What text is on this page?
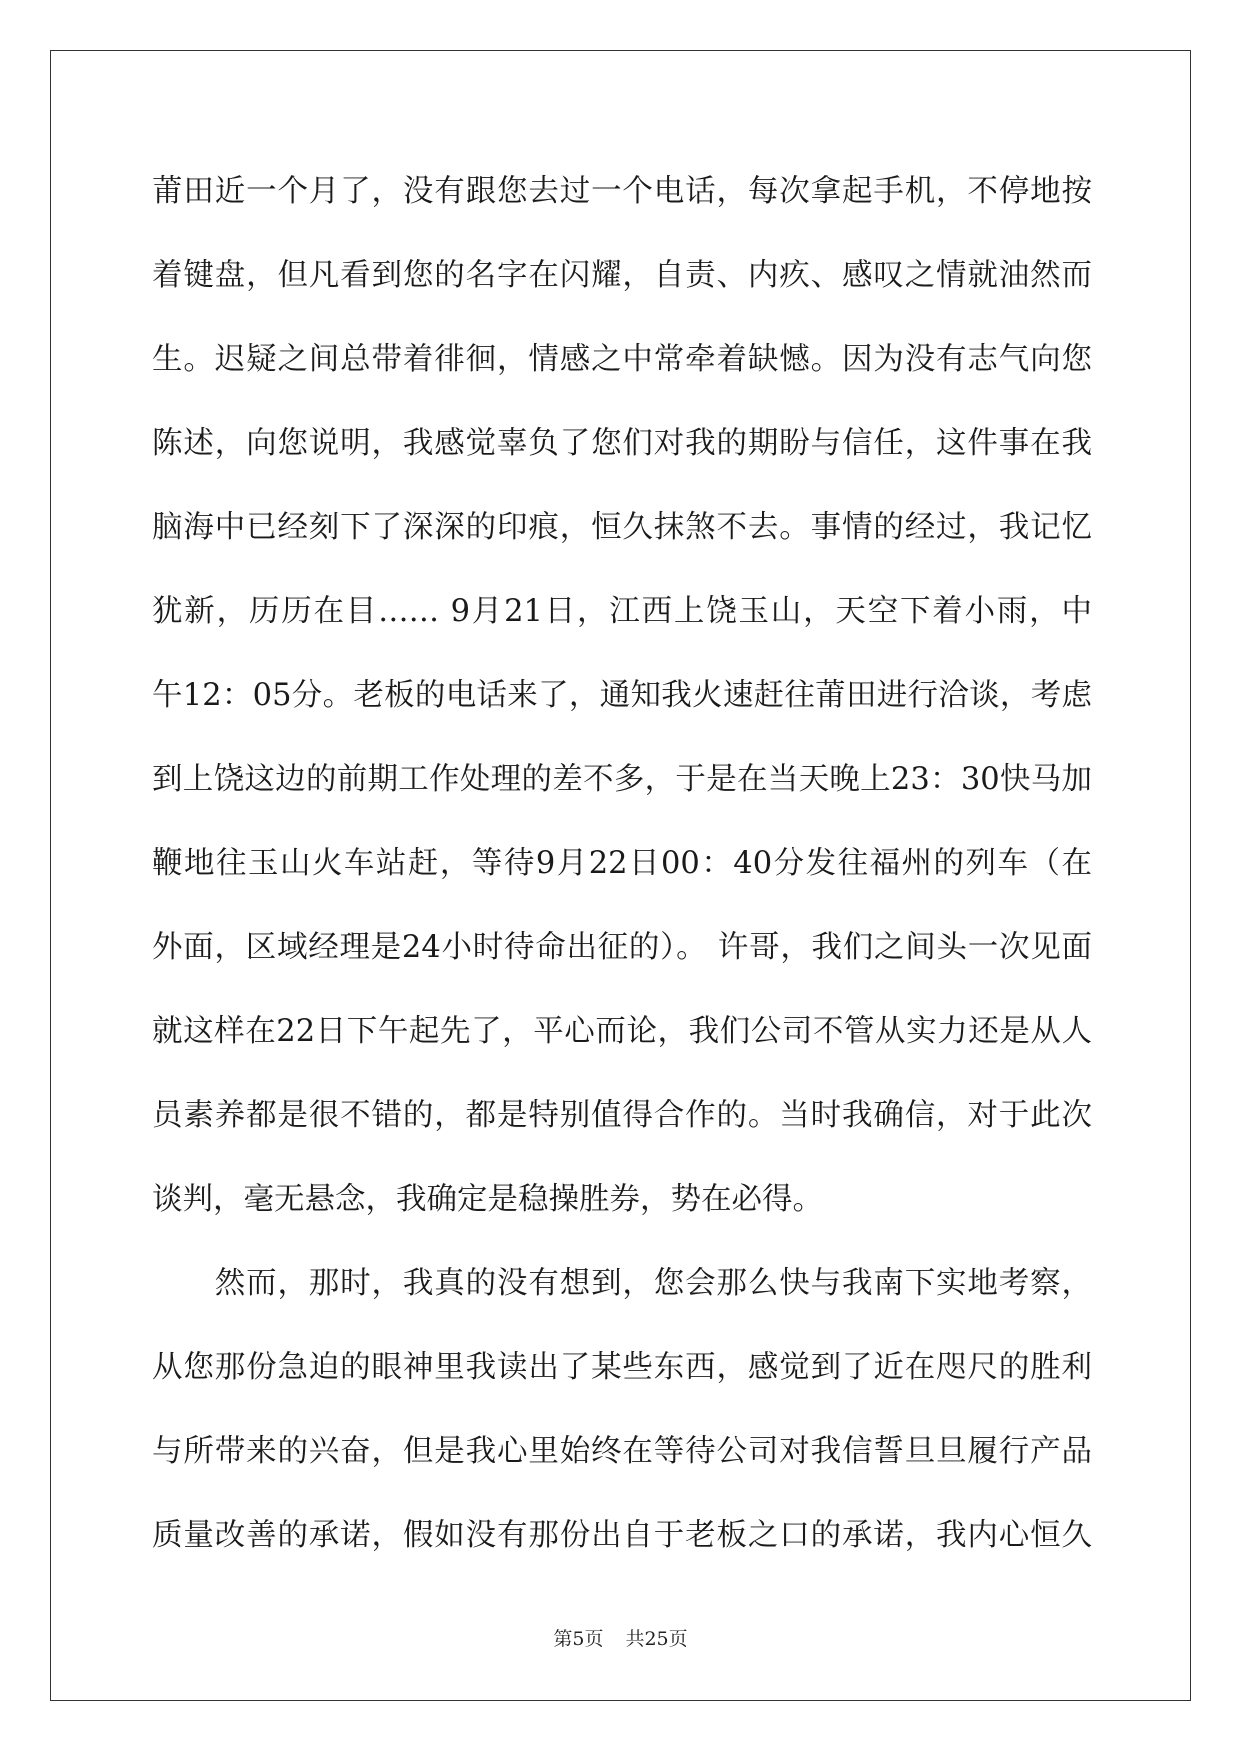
莆田近一个月了，没有跟您去过一个电话，每次拿起手机，不停地按
着键盘，但凡看到您的名字在闪耀，自责、内疚、感叹之情就油然而
生。迟疑之间总带着徘徊，情感之中常牵着缺憾。因为没有志气向您
陈述，向您说明，我感觉辜负了您们对我的期盼与信任，这件事在我
脑海中已经刻下了深深的印痕，恒久抹煞不去。事情的经过，我记忆
犹新，历历在目…… 9月21日，江西上饶玉山，天空下着小雨，中
午12：05分。老板的电话来了，通知我火速赶往莆田进行洽谈，考虑
到上饶这边的前期工作处理的差不多，于是在当天晚上23：30快马加
鞭地往玉山火车站赶，等待9月22日00：40分发往福州的列车（在
外面，区域经理是24小时待命出征的）。 许哥，我们之间头一次见面
就这样在22日下午起先了，平心而论，我们公司不管从实力还是从人
员素养都是很不错的，都是特别值得合作的。当时我确信，对于此次
谈判，毫无悬念，我确定是稳操胜券，势在必得。
　　然而，那时，我真的没有想到，您会那么快与我南下实地考察，
从您那份急迫的眼神里我读出了某些东西，感觉到了近在咫尺的胜利
与所带来的兴奋，但是我心里始终在等待公司对我信誓旦旦履行产品
质量改善的承诺，假如没有那份出自于老板之口的承诺，我内心恒久
第5页 共25页
